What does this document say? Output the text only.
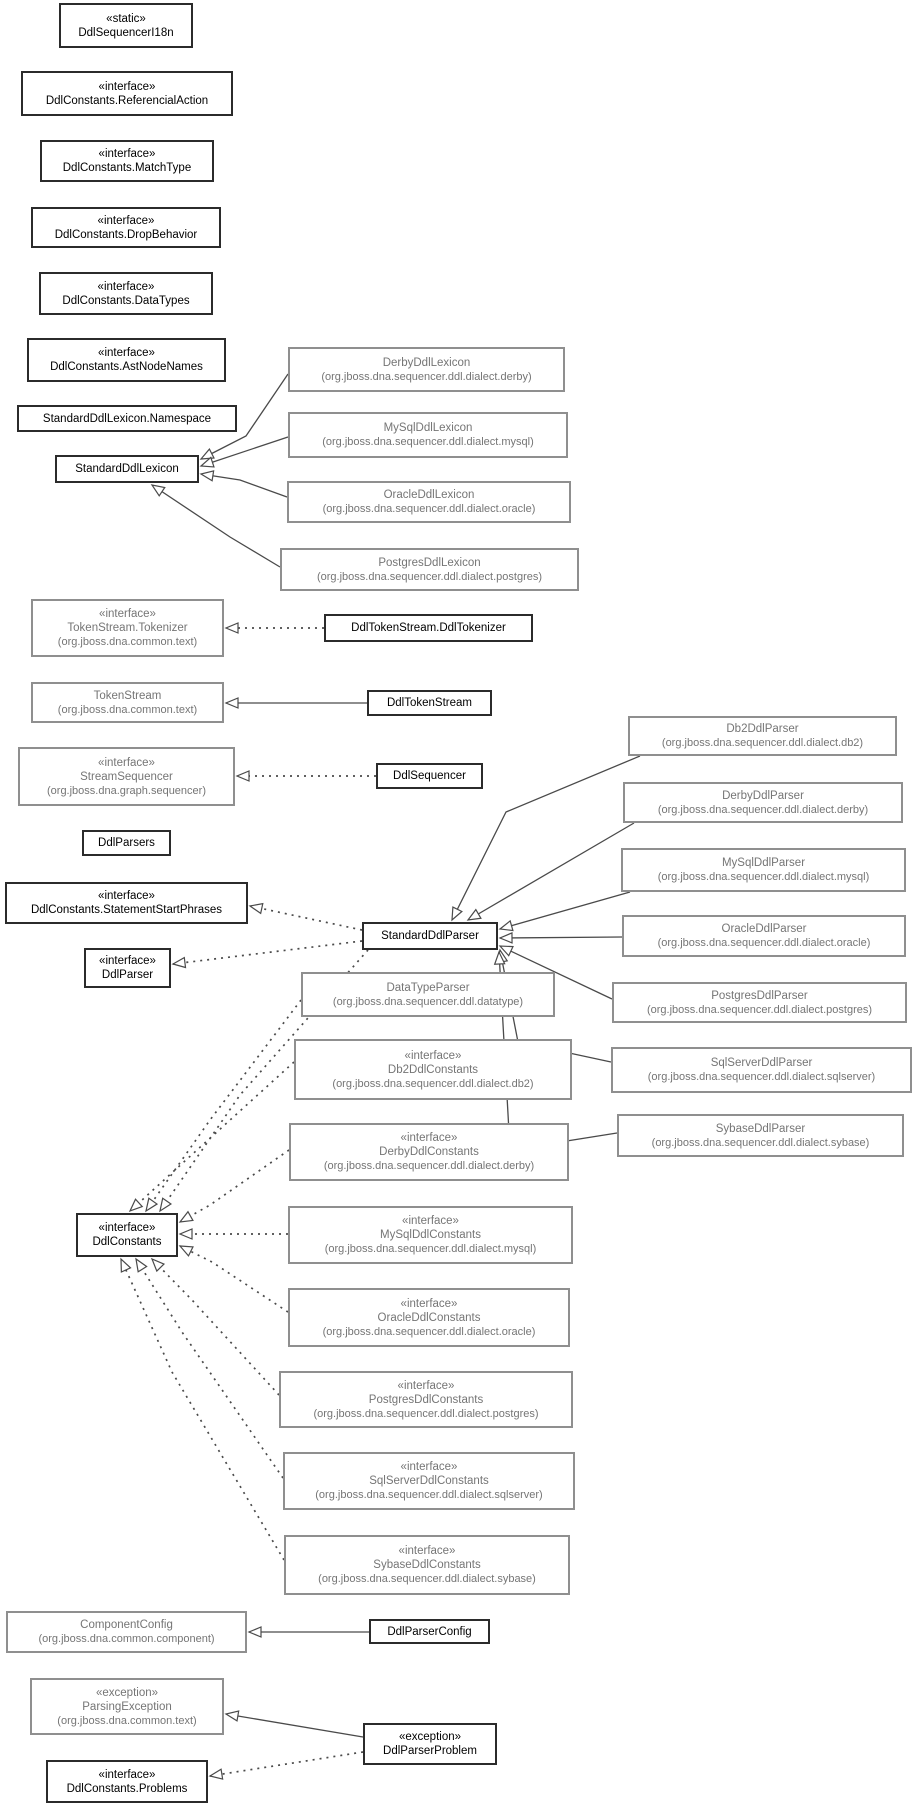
«static»
DdlSequencerI18n
«interface»
DdlConstants.ReferencialAction
«interface»
DdlConstants.MatchType
«interface»
DdlConstants.DropBehavior
«interface»
DdlConstants.DataTypes
«interface»
DdlConstants.AstNodeNames
StandardDdlLexicon.Namespace
StandardDdlLexicon
DerbyDdlLexicon
(org.jboss.dna.sequencer.ddl.dialect.derby)
MySqlDdlLexicon
(org.jboss.dna.sequencer.ddl.dialect.mysql)
OracleDdlLexicon
(org.jboss.dna.sequencer.ddl.dialect.oracle)
PostgresDdlLexicon
(org.jboss.dna.sequencer.ddl.dialect.postgres)
«interface»
TokenStream.Tokenizer
(org.jboss.dna.common.text)
DdlTokenStream.DdlTokenizer
TokenStream
(org.jboss.dna.common.text)
DdlTokenStream
«interface»
StreamSequencer
(org.jboss.dna.graph.sequencer)
DdlSequencer
DdlParsers
«interface»
DdlConstants.StatementStartPhrases
«interface»
DdlParser
StandardDdlParser
DataTypeParser
(org.jboss.dna.sequencer.ddl.datatype)
«interface»
Db2DdlConstants
(org.jboss.dna.sequencer.ddl.dialect.db2)
«interface»
DerbyDdlConstants
(org.jboss.dna.sequencer.ddl.dialect.derby)
«interface»
MySqlDdlConstants
(org.jboss.dna.sequencer.ddl.dialect.mysql)
«interface»
OracleDdlConstants
(org.jboss.dna.sequencer.ddl.dialect.oracle)
«interface»
PostgresDdlConstants
(org.jboss.dna.sequencer.ddl.dialect.postgres)
«interface»
SqlServerDdlConstants
(org.jboss.dna.sequencer.ddl.dialect.sqlserver)
«interface»
SybaseDdlConstants
(org.jboss.dna.sequencer.ddl.dialect.sybase)
«interface»
DdlConstants
Db2DdlParser
(org.jboss.dna.sequencer.ddl.dialect.db2)
DerbyDdlParser
(org.jboss.dna.sequencer.ddl.dialect.derby)
MySqlDdlParser
(org.jboss.dna.sequencer.ddl.dialect.mysql)
OracleDdlParser
(org.jboss.dna.sequencer.ddl.dialect.oracle)
PostgresDdlParser
(org.jboss.dna.sequencer.ddl.dialect.postgres)
SqlServerDdlParser
(org.jboss.dna.sequencer.ddl.dialect.sqlserver)
SybaseDdlParser
(org.jboss.dna.sequencer.ddl.dialect.sybase)
ComponentConfig
(org.jboss.dna.common.component)
DdlParserConfig
«exception»
ParsingException
(org.jboss.dna.common.text)
«exception»
DdlParserProblem
«interface»
DdlConstants.Problems
